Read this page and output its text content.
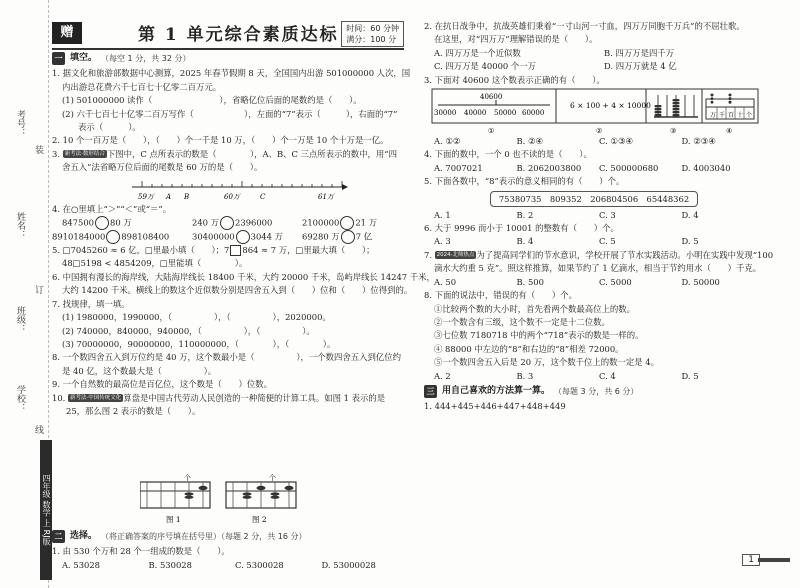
考号：
姓名：
班级：
学校：
装
订
线
四年级 数学 上 RJ版
赠	第 1 单元综合素质达标 时间：60 分钟
满分：100 分
一 填空。 （每空 1 分，共 32 分）

1. 据文化和旅游部数据中心测算，2025 年春节假期 8 天，全国国内出游 501000000 人次，国

内出游总花费六千七百七十亿零二百万元。

(1) 501000000 读作（　　　　　　　　），省略亿位后面的尾数约是（　　）。

(2) 六千七百七十亿零二百万写作（　　　　　　），左面的“7”表示（　　　），右面的“7”

表示（　　　）。

2. 10 个一百万是（　　），（　　）个一千是 10 万，（　　）个一万是 10 个十万是一亿。

3. 新考法·数形结合 下图中，C 点所表示的数是（　　　　），A、B、C 三点所表示的数中，用“四

舍五入”法省略万位后面的尾数是 60 万的是（　　）。

59万 A B	60万	C	61万

4. 在○里填上“＞”“＜”或“＝”。

847500 80 万	240 万 2396000	2100000 21 万

8910184000 898108400	30400000 3044 万 69280 万 7 亿

5. □7045260 ≈ 6 亿，□里最小填（　　）；7 864 ≈ 7 万，□里最大填（　　）；

48□5198 < 4854209，□里能填（　　　　）。

6. 中国拥有漫长的海岸线，大陆海岸线长 18400 千米，大约 20000 千米，岛屿岸线长 14247 千米，

大约 14200 千米。横线上的数这个近似数分别是四舍五入到（　　）位和（　　）位得到的。

7. 找规律，填一填。

(1) 1980000，1990000，（　　　　　），（　　　　　），2020000。

(2) 740000，840000，940000，（　　　　　），（　　　　　）。

(3) 70000000，90000000，110000000，（　　　　），（　　　　）。

8. 一个数四舍五入到万位约是 40 万，这个数最小是（　　　　　），一个数四舍五入到亿位约

是 40 亿，这个数最大是（　　　　　）。

9. 一个自然数的最高位是百亿位，这个数是（　　）位数。

10. 新考法·中国传统文化 算盘是中国古代劳动人民创造的一种简便的计算工具。如图 1 表示的是

25，那么图 2 表示的数是（　　）。

个	个
图 1	图 2
二 选择。 （将正确答案的序号填在括号里）（每题 2 分，共 16 分）

1. 由 530 个万和 28 个一组成的数是（　　）。

A. 53028	B. 530028	C. 5300028	D. 53000028

2. 在抗日战争中，抗战英雄们秉着“一寸山河一寸血，四万万同胞千万兵”的不屈壮歌。

在这里，对“四万万”理解错误的是（　　）。

A. 四万万是一个近似数	B. 四万万是四千万
C. 四万万是 40000 个一万	D. 四万万就是 4 亿

3. 下面对 40600 这个数表示正确的有（　　）。

40600
30000 40000 50000 60000
6 × 100 + 4 × 10000
万 千 百 十 个
①	②	③	④
A. ①②	B. ②④	C. ①③④	D. ②③④

4. 下面的数中，一个 0 也不读的是（　　）。

A. 7007021	B. 2062003800	C. 500000680	D. 4003040

5. 下面各数中，“8”表示的意义相同的有（　　）个。

75380735　809352　206804506　65448362
A. 1	B. 2	C. 3	D. 4

6. 大于 9996 而小于 10001 的整数有（　　）个。

A. 3	B. 4	C. 5	D. 5

7. 2024·北师热点 为了提高同学们的节水意识，学校开展了节水实践活动。小明在实践中发现“100

滴水大约重 5 克”。照这样推算，如果节约了 1 亿滴水，相当于节约用水（　　）千克。

A. 50	B. 500	C. 5000	D. 50000

8. 下面的说法中，错误的有（　　）个。

①比较两个数的大小时，首先看两个数最高位上的数。

②一个数含有三级，这个数不一定是十二位数。

③七位数 7180718 中的两个“718”表示的数是一样的。

④ 88000 中左边的“8”和右边的“8”相差 72000。

⑤一个数四舍五入后是 20 万，这个数千位上的数一定是 4。

A. 2	B. 3	C. 4	D. 5
三 用自己喜欢的方法算一算。 （每题 3 分，共 6 分）

1. 444+445+446+447+448+449

1
